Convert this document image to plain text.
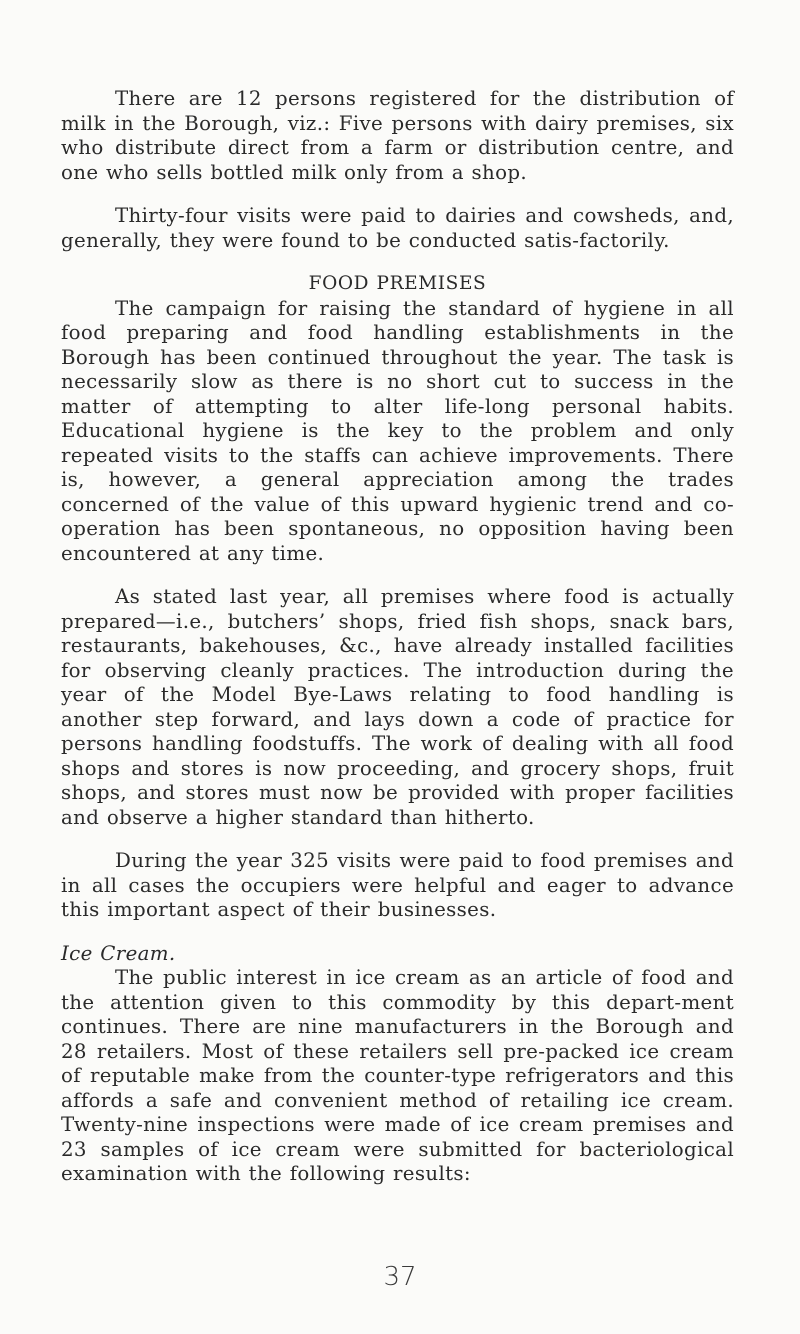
There are 12 persons registered for the distribution of milk in the Borough, viz.: Five persons with dairy premises, six who distribute direct from a farm or distribution centre, and one who sells bottled milk only from a shop.

Thirty-four visits were paid to dairies and cowsheds, and, generally, they were found to be conducted satis-factorily.

FOOD PREMISES

The campaign for raising the standard of hygiene in all food preparing and food handling establishments in the Borough has been continued throughout the year. The task is necessarily slow as there is no short cut to success in the matter of attempting to alter life-long personal habits. Educational hygiene is the key to the problem and only repeated visits to the staffs can achieve improvements. There is, however, a general appreciation among the trades concerned of the value of this upward hygienic trend and co-operation has been spontaneous, no opposition having been encountered at any time.

As stated last year, all premises where food is actually prepared—i.e., butchers’ shops, fried fish shops, snack bars, restaurants, bakehouses, &c., have already installed facilities for observing cleanly practices. The introduction during the year of the Model Bye-Laws relating to food handling is another step forward, and lays down a code of practice for persons handling foodstuffs. The work of dealing with all food shops and stores is now proceeding, and grocery shops, fruit shops, and stores must now be provided with proper facilities and observe a higher standard than hitherto.

During the year 325 visits were paid to food premises and in all cases the occupiers were helpful and eager to advance this important aspect of their businesses.

Ice Cream.

The public interest in ice cream as an article of food and the attention given to this commodity by this depart-ment continues. There are nine manufacturers in the Borough and 28 retailers. Most of these retailers sell pre-packed ice cream of reputable make from the counter-type refrigerators and this affords a safe and convenient method of retailing ice cream. Twenty-nine inspections were made of ice cream premises and 23 samples of ice cream were submitted for bacteriological examination with the following results:

37
